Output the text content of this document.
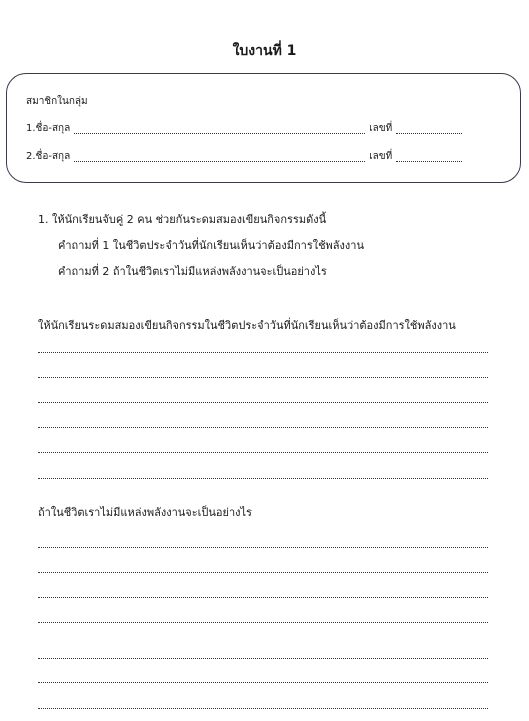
ใบงานที่ 1
สมาชิกในกลุ่ม
1.ชื่อ-สกุล	เลขที่
2.ชื่อ-สกุล	เลขที่
1. ให้นักเรียนจับคู่ 2 คน ช่วยกันระดมสมองเขียนกิจกรรมดังนี้
คำถามที่ 1 ในชีวิตประจำวันที่นักเรียนเห็นว่าต้องมีการใช้พลังงาน
คำถามที่ 2 ถ้าในชีวิตเราไม่มีแหล่งพลังงานจะเป็นอย่างไร
ให้นักเรียนระดมสมองเขียนกิจกรรมในชีวิตประจำวันที่นักเรียนเห็นว่าต้องมีการใช้พลังงาน
ถ้าในชีวิตเราไม่มีแหล่งพลังงานจะเป็นอย่างไร
